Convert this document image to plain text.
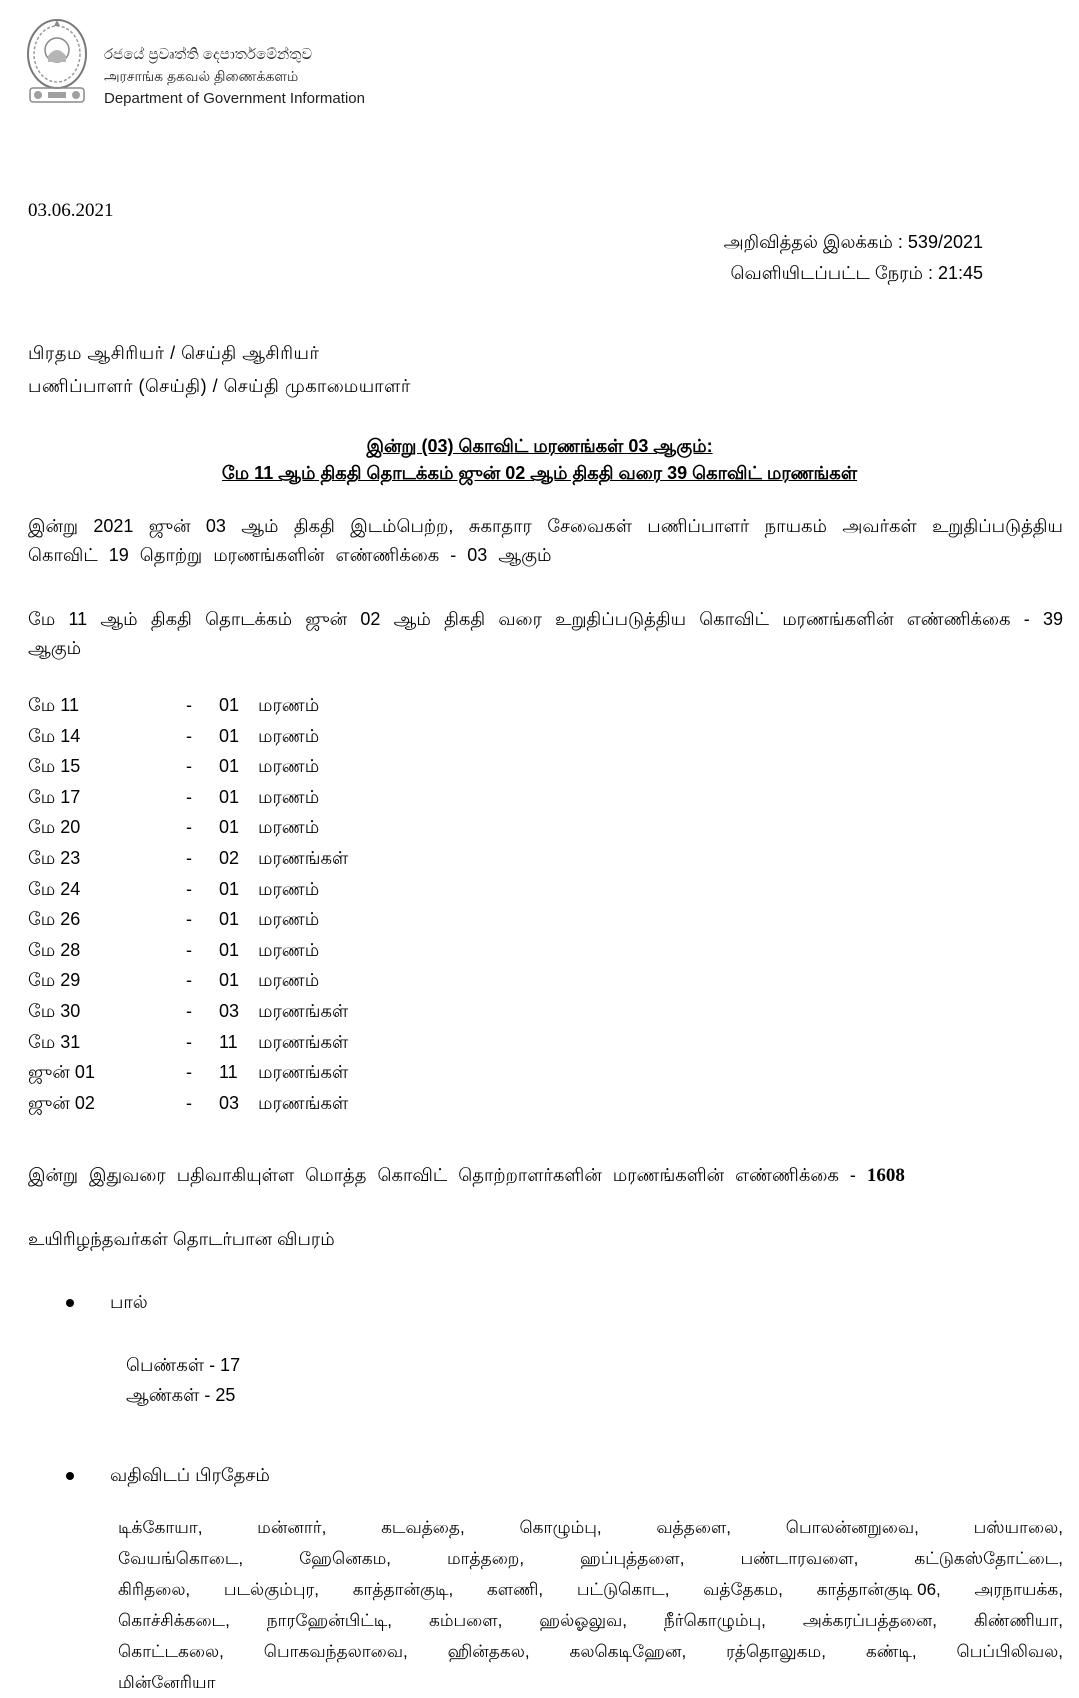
රජයේ ප්‍රවෘත්ති දෙපාර්තමේන්තුව
அரசாங்க தகவல் திணைக்களம்
Department of Government Information
03.06.2021
அறிவித்தல் இலக்கம் : 539/2021
வெளியிடப்பட்ட நேரம் : 21:45
பிரதம ஆசிரியர் / செய்தி ஆசிரியர்
பணிப்பாளர் (செய்தி) / செய்தி முகாமையாளர்
இன்று (03) கொவிட் மரணங்கள் 03 ஆகும்:
மே 11 ஆம் திகதி தொடக்கம் ஜுன் 02 ஆம் திகதி வரை 39 கொவிட் மரணங்கள்
இன்று 2021 ஜுன் 03 ஆம் திகதி இடம்பெற்ற, சுகாதார சேவைகள் பணிப்பாளர் நாயகம் அவர்கள் உறுதிப்படுத்திய கொவிட் 19 தொற்று மரணங்களின் எண்ணிக்கை - 03 ஆகும்
மே 11 ஆம் திகதி தொடக்கம் ஜுன் 02 ஆம் திகதி வரை உறுதிப்படுத்திய கொவிட் மரணங்களின் எண்ணிக்கை - 39 ஆகும்
மே 11	- 01 மரணம்
மே 14	- 01 மரணம்
மே 15	- 01 மரணம்
மே 17	- 01 மரணம்
மே 20	- 01 மரணம்
மே 23	- 02 மரணங்கள்
மே 24	- 01 மரணம்
மே 26	- 01 மரணம்
மே 28	- 01 மரணம்
மே 29	- 01 மரணம்
மே 30	- 03 மரணங்கள்
மே 31	- 11 மரணங்கள்
ஜுன் 01	- 11 மரணங்கள்
ஜுன் 02	- 03 மரணங்கள்
இன்று இதுவரை பதிவாகியுள்ள மொத்த கொவிட் தொற்றாளர்களின் மரணங்களின் எண்ணிக்கை - 1608
உயிரிழந்தவர்கள் தொடர்பான விபரம்
பால்
பெண்கள் - 17
ஆண்கள் - 25
வதிவிடப் பிரதேசம்
டிக்கோயா,	மன்னார்,	கடவத்தை,	கொழும்பு,	வத்தளை,	பொலன்னறுவை,	பஸ்யாலை,
வேயங்கொடை,	ஹேனெகம,	மாத்தறை,	ஹப்புத்தளை,	பண்டாரவளை,	கட்டுகஸ்தோட்டை,
கிரிதலை, படல்கும்புர, காத்தான்குடி, களணி, பட்டுகொட, வத்தேகம, காத்தான்குடி 06, அரநாயக்க,
கொச்சிக்கடை, நாரஹேன்பிட்டி, கம்பளை, ஹல்ஓலுவ, நீர்கொழும்பு, அக்கரப்பத்தனை, கிண்ணியா,
கொட்டகலை, பொகவந்தலாவை, ஹின்தகல, கலகெடிஹேன, ரத்தொலுகம, கண்டி, பெப்பிலிவல,
மின்னேரியா
